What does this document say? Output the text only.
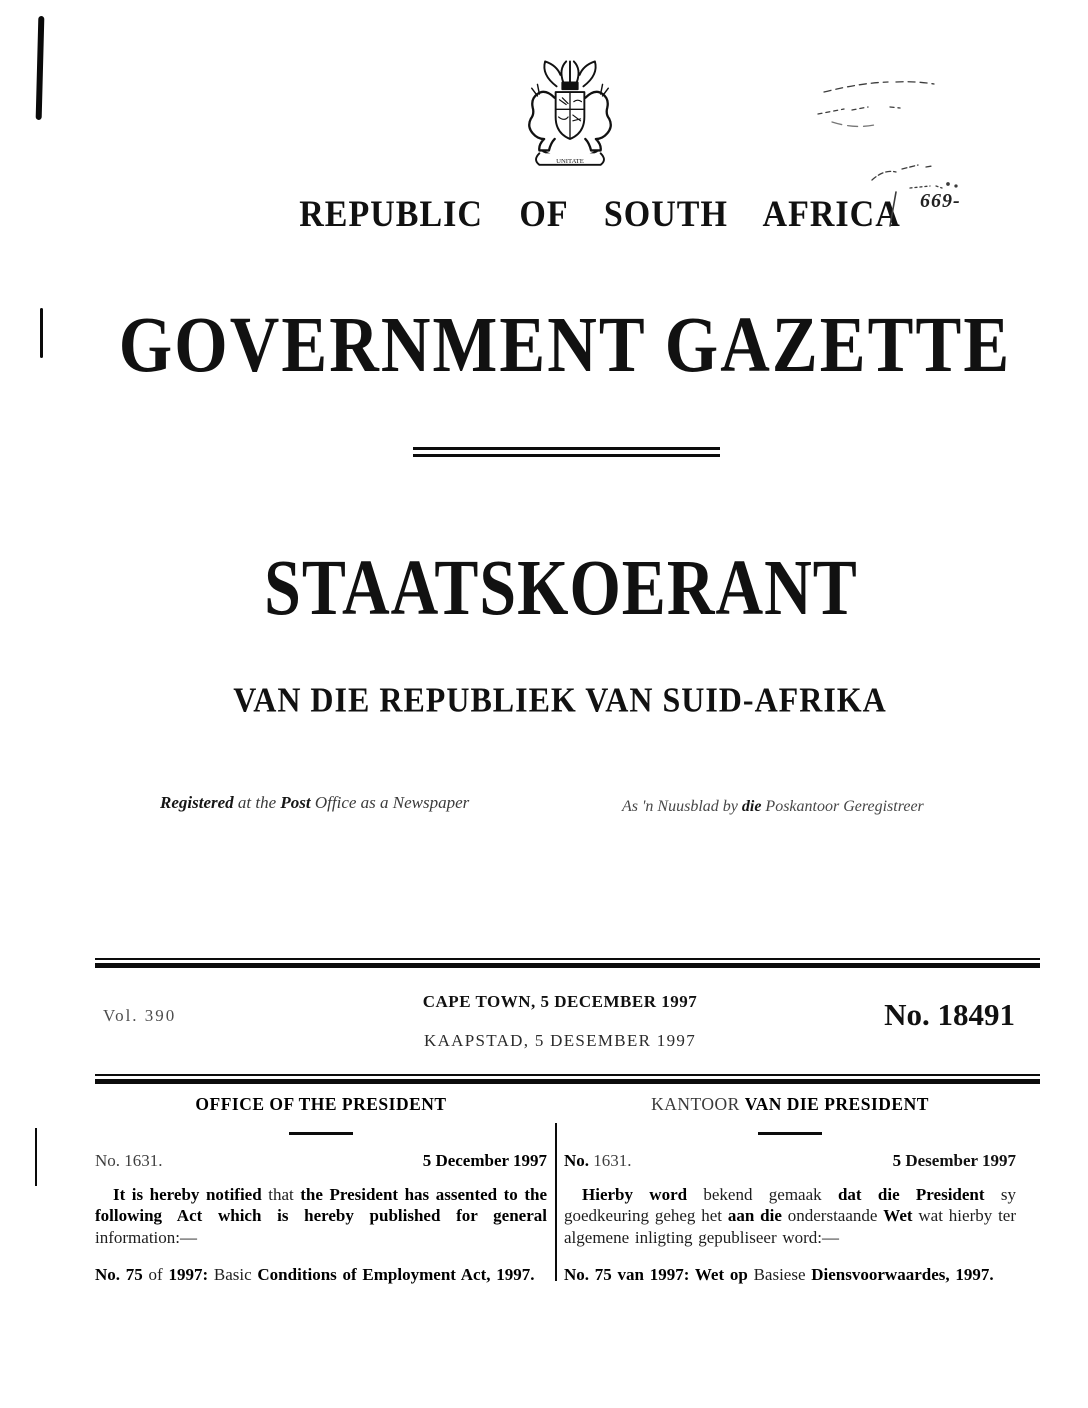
UNITATE
REPUBLIC OF SOUTH AFRICA 669-
GOVERNMENT GAZETTE
STAATSKOERANT
VAN DIE REPUBLIEK VAN SUID-AFRIKA
Registered at the Post Office as a Newspaper	As 'n Nuusblad by die Poskantoor Geregistreer
Vol. 390
CAPE TOWN, 5 DECEMBER 1997
KAAPSTAD, 5 DESEMBER 1997
No. 18491
OFFICE OF THE PRESIDENT
No. 1631.	5 December 1997

It is hereby notified that the President has assented to the following Act which is hereby published for general information:—

No. 75 of 1997: Basic Conditions of Employment Act, 1997.

KANTOOR VAN DIE PRESIDENT
No. 1631.	5 Desember 1997

Hierby word bekend gemaak dat die President sy goedkeuring geheg het aan die onderstaande Wet wat hierby ter algemene inligting gepubliseer word:—

No. 75 van 1997: Wet op Basiese Diensvoorwaardes, 1997.
